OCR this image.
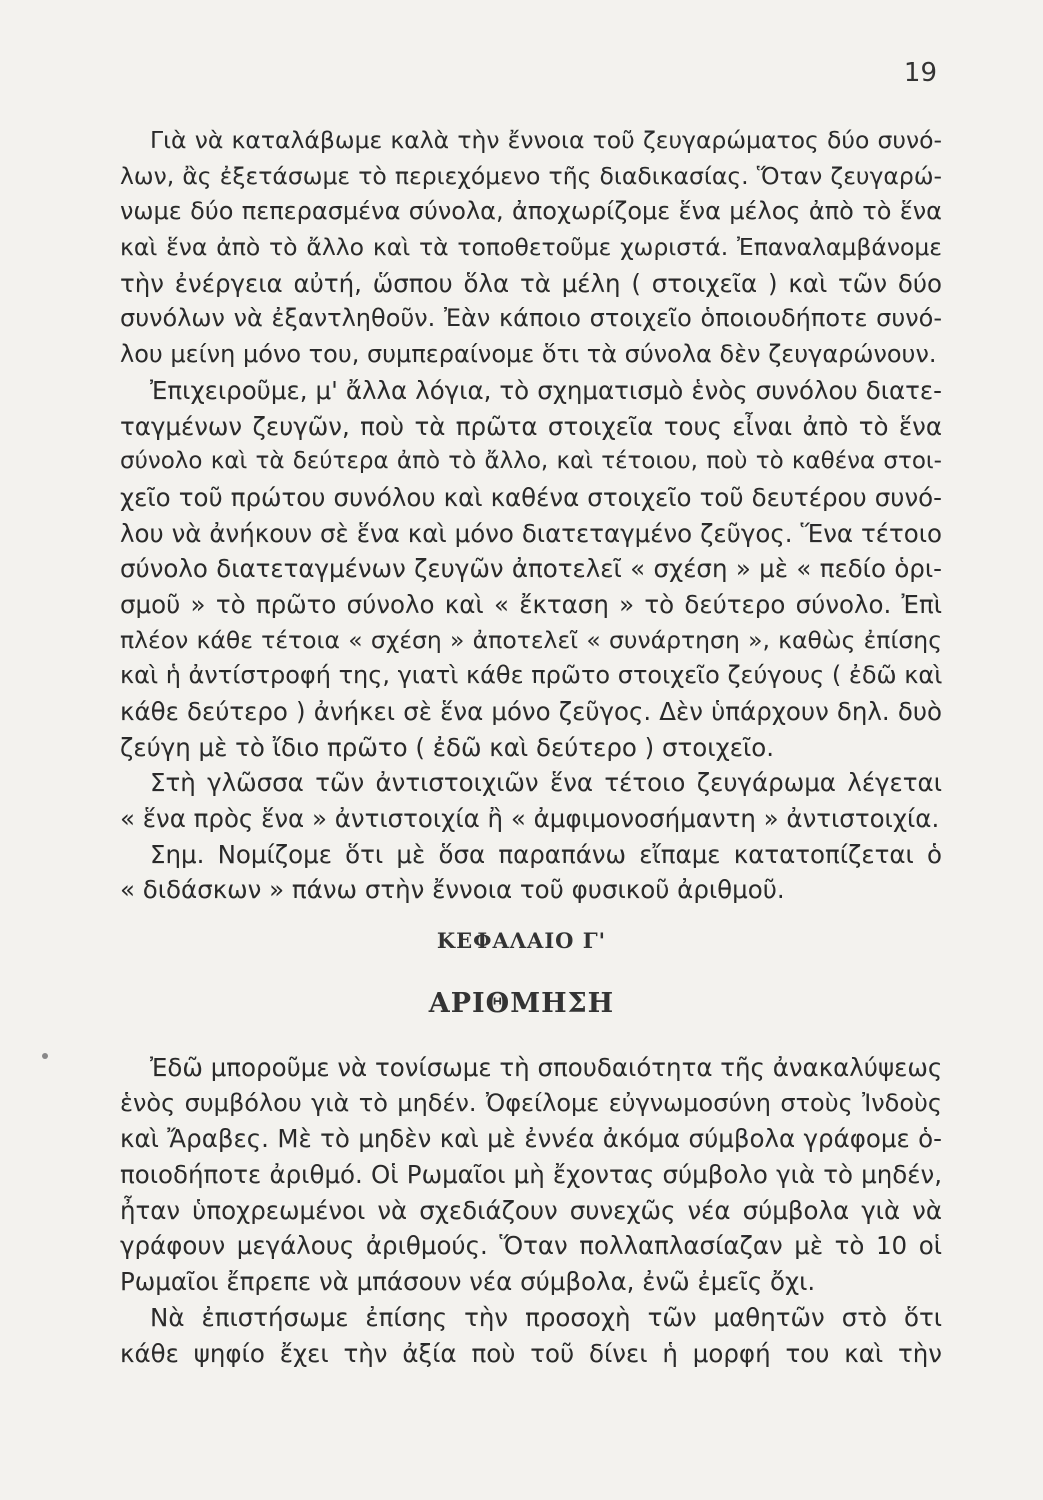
19
Γιὰ νὰ καταλάβωμε καλὰ τὴν ἔννοια τοῦ ζευγαρώματος δύο συνό-
λων, ἂς ἐξετάσωμε τὸ περιεχόμενο τῆς διαδικασίας. Ὅταν ζευγαρώ-
νωμε δύο πεπερασμένα σύνολα, ἀποχωρίζομε ἕνα μέλος ἀπὸ τὸ ἕνα
καὶ ἕνα ἀπὸ τὸ ἄλλο καὶ τὰ τοποθετοῦμε χωριστά. Ἐπαναλαμβάνομε
τὴν ἐνέργεια αὐτή, ὥσπου ὅλα τὰ μέλη ( στοιχεῖα ) καὶ τῶν δύο
συνόλων νὰ ἐξαντληθοῦν. Ἐὰν κάποιο στοιχεῖο ὁποιουδήποτε συνό-
λου μείνη μόνο του, συμπεραίνομε ὅτι τὰ σύνολα δὲν ζευγαρώνουν.
Ἐπιχειροῦμε, μ' ἄλλα λόγια, τὸ σχηματισμὸ ἑνὸς συνόλου διατε-
ταγμένων ζευγῶν, ποὺ τὰ πρῶτα στοιχεῖα τους εἶναι ἀπὸ τὸ ἕνα
σύνολο καὶ τὰ δεύτερα ἀπὸ τὸ ἄλλο, καὶ τέτοιου, ποὺ τὸ καθένα στοι-
χεῖο τοῦ πρώτου συνόλου καὶ καθένα στοιχεῖο τοῦ δευτέρου συνό-
λου νὰ ἀνήκουν σὲ ἕνα καὶ μόνο διατεταγμένο ζεῦγος. Ἕνα τέτοιο
σύνολο διατεταγμένων ζευγῶν ἀποτελεῖ « σχέση » μὲ « πεδίο ὁρι-
σμοῦ » τὸ πρῶτο σύνολο καὶ « ἔκταση » τὸ δεύτερο σύνολο. Ἐπὶ
πλέον κάθε τέτοια « σχέση » ἀποτελεῖ « συνάρτηση », καθὼς ἐπίσης
καὶ ἡ ἀντίστροφή της, γιατὶ κάθε πρῶτο στοιχεῖο ζεύγους ( ἐδῶ καὶ
κάθε δεύτερο ) ἀνήκει σὲ ἕνα μόνο ζεῦγος. Δὲν ὑπάρχουν δηλ. δυὸ
ζεύγη μὲ τὸ ἴδιο πρῶτο ( ἐδῶ καὶ δεύτερο ) στοιχεῖο.
Στὴ γλῶσσα τῶν ἀντιστοιχιῶν ἕνα τέτοιο ζευγάρωμα λέγεται
« ἕνα πρὸς ἕνα » ἀντιστοιχία ἢ « ἀμφιμονοσήμαντη » ἀντιστοιχία.
Σημ. Νομίζομε ὅτι μὲ ὅσα παραπάνω εἴπαμε κατατοπίζεται ὁ
« διδάσκων » πάνω στὴν ἔννοια τοῦ φυσικοῦ ἀριθμοῦ.
ΚΕΦΑΛΑΙΟ Γ'
ΑΡΙΘΜΗΣΗ
Ἐδῶ μποροῦμε νὰ τονίσωμε τὴ σπουδαιότητα τῆς ἀνακαλύψεως
ἑνὸς συμβόλου γιὰ τὸ μηδέν. Ὀφείλομε εὐγνωμοσύνη στοὺς Ἰνδοὺς
καὶ Ἄραβες. Μὲ τὸ μηδὲν καὶ μὲ ἐννέα ἀκόμα σύμβολα γράφομε ὁ-
ποιοδήποτε ἀριθμό. Οἱ Ρωμαῖοι μὴ ἔχοντας σύμβολο γιὰ τὸ μηδέν,
ἦταν ὑποχρεωμένοι νὰ σχεδιάζουν συνεχῶς νέα σύμβολα γιὰ νὰ
γράφουν μεγάλους ἀριθμούς. Ὅταν πολλαπλασίαζαν μὲ τὸ 10 οἱ
Ρωμαῖοι ἔπρεπε νὰ μπάσουν νέα σύμβολα, ἐνῶ ἐμεῖς ὄχι.
Νὰ ἐπιστήσωμε ἐπίσης τὴν προσοχὴ τῶν μαθητῶν στὸ ὅτι
κάθε ψηφίο ἔχει τὴν ἀξία ποὺ τοῦ δίνει ἡ μορφή του καὶ τὴν
